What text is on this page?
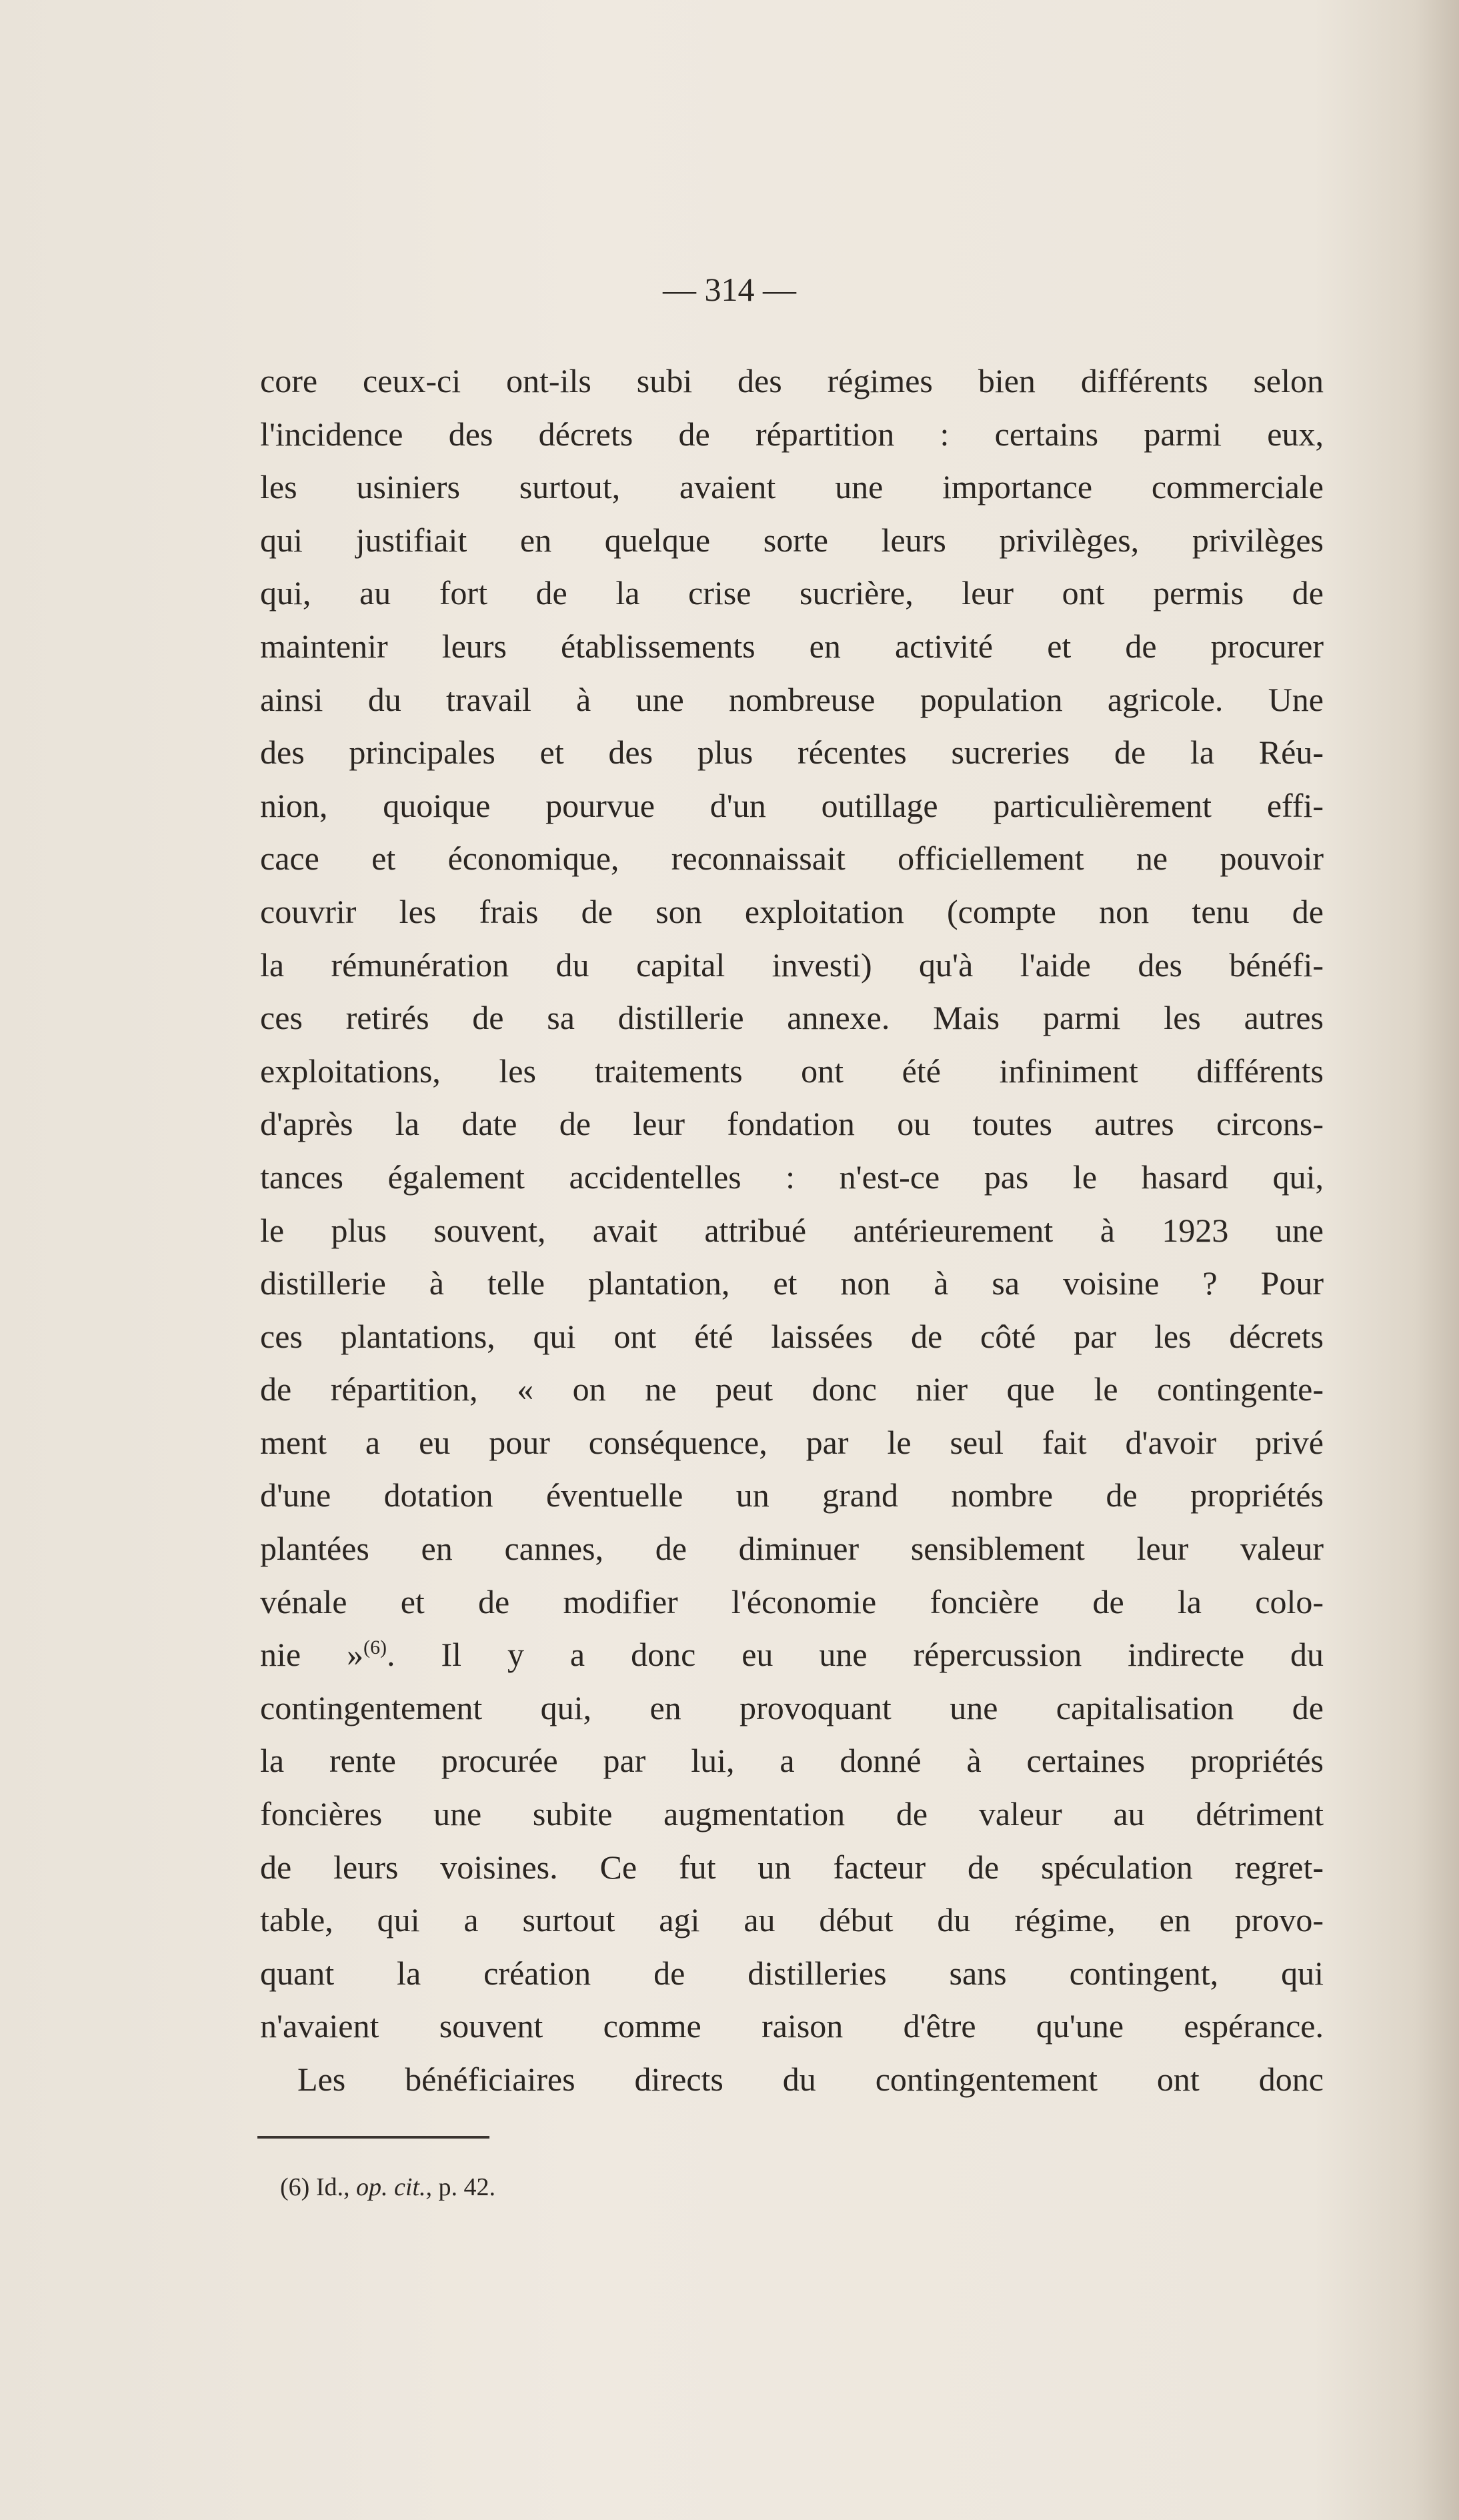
— 314 —
core ceux-ci ont-ils subi des régimes bien différents selon
l'incidence des décrets de répartition : certains parmi eux,
les usiniers surtout, avaient une importance commerciale
qui justifiait en quelque sorte leurs privilèges, privilèges
qui, au fort de la crise sucrière, leur ont permis de
maintenir leurs établissements en activité et de procurer
ainsi du travail à une nombreuse population agricole. Une
des principales et des plus récentes sucreries de la Réu-
nion, quoique pourvue d'un outillage particulièrement effi-
cace et économique, reconnaissait officiellement ne pouvoir
couvrir les frais de son exploitation (compte non tenu de
la rémunération du capital investi) qu'à l'aide des bénéfi-
ces retirés de sa distillerie annexe. Mais parmi les autres
exploitations, les traitements ont été infiniment différents
d'après la date de leur fondation ou toutes autres circons-
tances également accidentelles : n'est-ce pas le hasard qui,
le plus souvent, avait attribué antérieurement à 1923 une
distillerie à telle plantation, et non à sa voisine ? Pour
ces plantations, qui ont été laissées de côté par les décrets
de répartition, « on ne peut donc nier que le contingente-
ment a eu pour conséquence, par le seul fait d'avoir privé
d'une dotation éventuelle un grand nombre de propriétés
plantées en cannes, de diminuer sensiblement leur valeur
vénale et de modifier l'économie foncière de la colo-
nie »$^{(6)}$. Il y a donc eu une répercussion indirecte du
contingentement qui, en provoquant une capitalisation de
la rente procurée par lui, a donné à certaines propriétés
foncières une subite augmentation de valeur au détriment
de leurs voisines. Ce fut un facteur de spéculation regret-
table, qui a surtout agi au début du régime, en provo-
quant la création de distilleries sans contingent, qui
n'avaient souvent comme raison d'être qu'une espérance.
Les bénéficiaires directs du contingentement ont donc
(6) Id., op. cit., p. 42.
